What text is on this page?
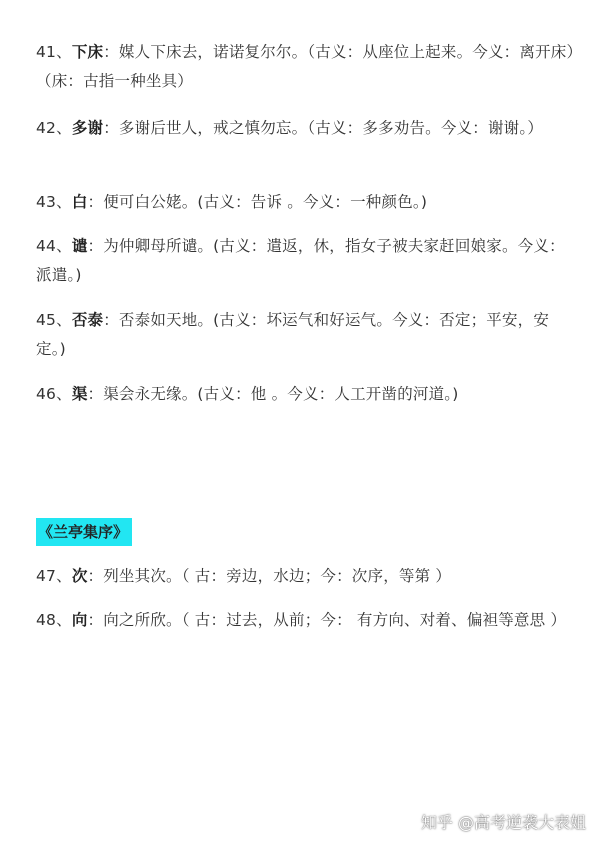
41、下床：媒人下床去，诺诺复尔尔。（古义：从座位上起来。今义：离开床）（床：古指一种坐具）
42、多谢：多谢后世人，戒之慎勿忘。（古义：多多劝告。今义：谢谢。）
43、白：便可白公姥。(古义：告诉 。今义：一种颜色。)
44、谴：为仲卿母所谴。(古义：遣返，休，指女子被夫家赶回娘家。今义：派遣。)
45、否泰：否泰如天地。(古义：坏运气和好运气。今义：否定；平安，安定。)
46、渠：渠会永无缘。(古义：他 。今义：人工开凿的河道。)
《兰亭集序》
47、次：列坐其次。（ 古：旁边，水边；今：次序，等第 ）
48、向：向之所欣。（ 古：过去，从前；今： 有方向、对着、偏袒等意思 ）
知乎 @高考逆袭大表姐
